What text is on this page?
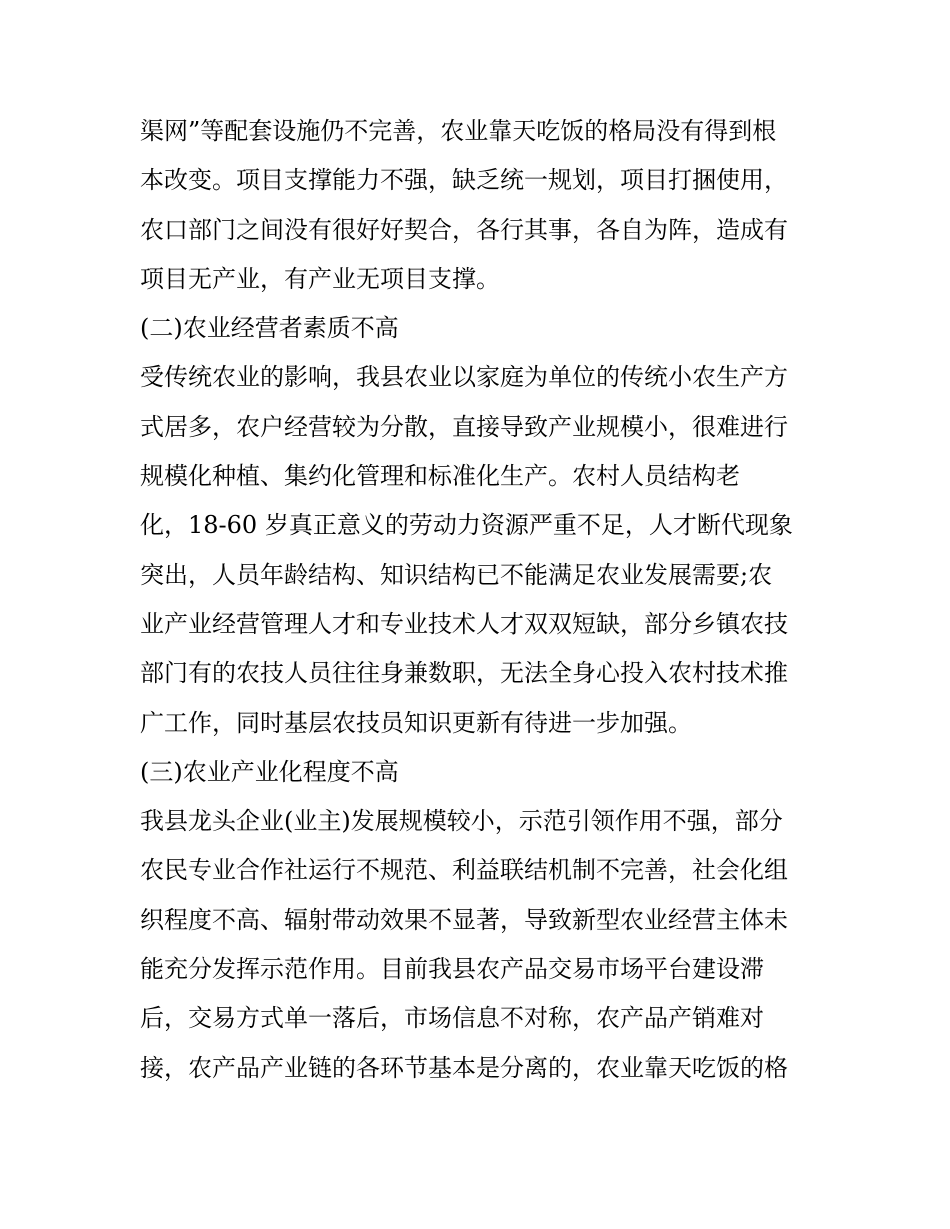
渠网”等配套设施仍不完善，农业靠天吃饭的格局没有得到根
本改变。项目支撑能力不强，缺乏统一规划，项目打捆使用，
农口部门之间没有很好好契合，各行其事，各自为阵，造成有
项目无产业，有产业无项目支撑。
(二)农业经营者素质不高
受传统农业的影响，我县农业以家庭为单位的传统小农生产方
式居多，农户经营较为分散，直接导致产业规模小，很难进行
规模化种植、集约化管理和标准化生产。农村人员结构老
化，18-60 岁真正意义的劳动力资源严重不足，人才断代现象
突出，人员年龄结构、知识结构已不能满足农业发展需要;农
业产业经营管理人才和专业技术人才双双短缺，部分乡镇农技
部门有的农技人员往往身兼数职，无法全身心投入农村技术推
广工作，同时基层农技员知识更新有待进一步加强。
(三)农业产业化程度不高
我县龙头企业(业主)发展规模较小，示范引领作用不强，部分
农民专业合作社运行不规范、利益联结机制不完善，社会化组
织程度不高、辐射带动效果不显著，导致新型农业经营主体未
能充分发挥示范作用。目前我县农产品交易市场平台建设滞
后，交易方式单一落后，市场信息不对称，农产品产销难对
接，农产品产业链的各环节基本是分离的，农业靠天吃饭的格
